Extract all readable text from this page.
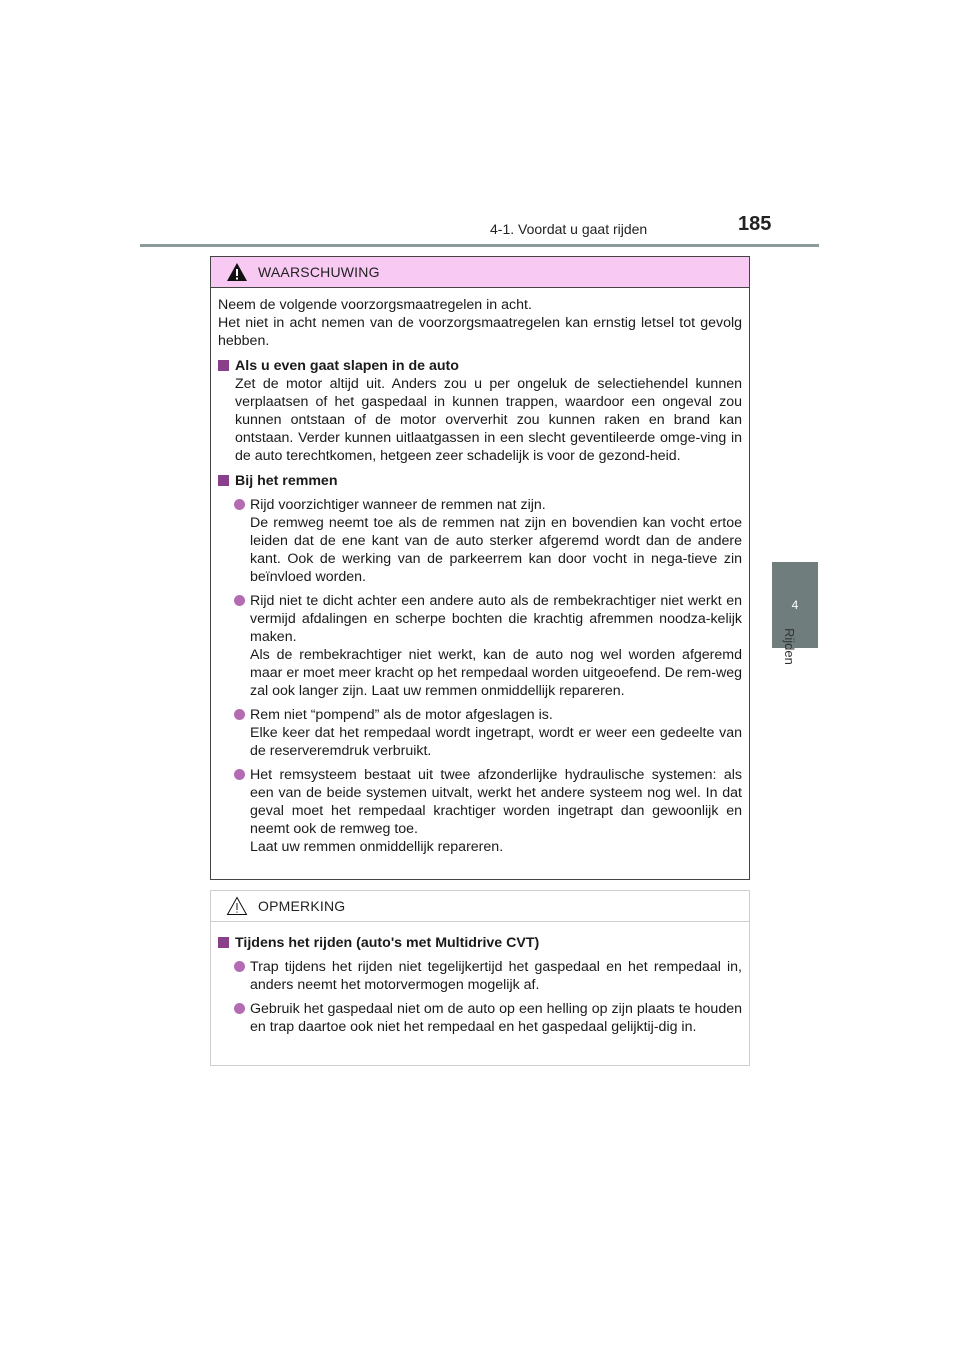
4-1. Voordat u gaat rijden	185
4
Rijden
WAARSCHUWING

Neem de volgende voorzorgsmaatregelen in acht.

Het niet in acht nemen van de voorzorgsmaatregelen kan ernstig letsel tot gevolg hebben.

Als u even gaat slapen in de auto

Zet de motor altijd uit. Anders zou u per ongeluk de selectiehendel kunnen verplaatsen of het gaspedaal in kunnen trappen, waardoor een ongeval zou kunnen ontstaan of de motor oververhit zou kunnen raken en brand kan ontstaan. Verder kunnen uitlaatgassen in een slecht geventileerde omge-ving in de auto terechtkomen, hetgeen zeer schadelijk is voor de gezond-heid.

Bij het remmen
Rijd voorzichtiger wanneer de remmen nat zijn.
De remweg neemt toe als de remmen nat zijn en bovendien kan vocht ertoe leiden dat de ene kant van de auto sterker afgeremd wordt dan de andere kant. Ook de werking van de parkeerrem kan door vocht in nega-tieve zin beïnvloed worden.
Rijd niet te dicht achter een andere auto als de rembekrachtiger niet werkt en vermijd afdalingen en scherpe bochten die krachtig afremmen noodza-kelijk maken.
Als de rembekrachtiger niet werkt, kan de auto nog wel worden afgeremd maar er moet meer kracht op het rempedaal worden uitgeoefend. De rem-weg zal ook langer zijn. Laat uw remmen onmiddellijk repareren.
Rem niet “pompend” als de motor afgeslagen is.
Elke keer dat het rempedaal wordt ingetrapt, wordt er weer een gedeelte van de reserveremdruk verbruikt.
Het remsysteem bestaat uit twee afzonderlijke hydraulische systemen: als een van de beide systemen uitvalt, werkt het andere systeem nog wel. In dat geval moet het rempedaal krachtiger worden ingetrapt dan gewoonlijk en neemt ook de remweg toe.
Laat uw remmen onmiddellijk repareren.
OPMERKING
Tijdens het rijden (auto's met Multidrive CVT)
Trap tijdens het rijden niet tegelijkertijd het gaspedaal en het rempedaal in, anders neemt het motorvermogen mogelijk af.
Gebruik het gaspedaal niet om de auto op een helling op zijn plaats te houden en trap daartoe ook niet het rempedaal en het gaspedaal gelijktij-dig in.
